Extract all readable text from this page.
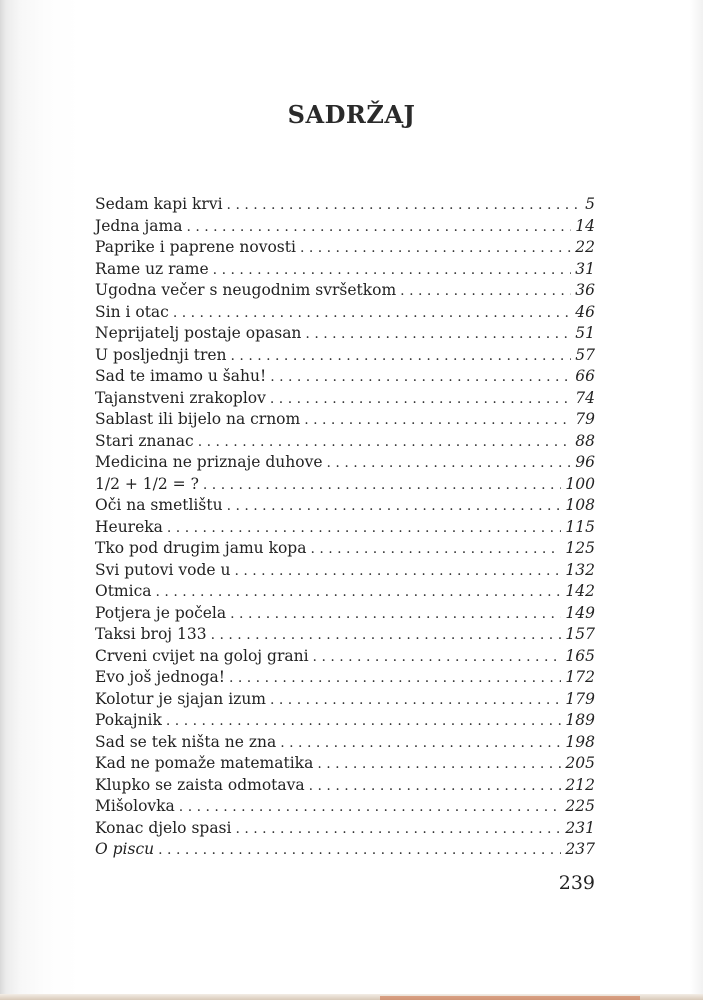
SADRŽAJ
Sedam kapi krvi . . .	5
Jedna jama . . .	14
Paprike i paprene novosti . . .	22
Rame uz rame . . .	31
Ugodna večer s neugodnim svršetkom . . .	36
Sin i otac . . .	46
Neprijatelj postaje opasan . . .	51
U posljednji tren . . .	57
Sad te imamo u šahu! . . .	66
Tajanstveni zrakoplov . . .	74
Sablast ili bijelo na crnom . . .	79
Stari znanac . . .	88
Medicina ne priznaje duhove . . .	96
1/2 + 1/2 = ? . . .	100
Oči na smetlištu . . .	108
Heureka . . .	115
Tko pod drugim jamu kopa . . .	125
Svi putovi vode u . . .	132
Otmica . . .	142
Potjera je počela . . .	149
Taksi broj 133 . . .	157
Crveni cvijet na goloj grani . . .	165
Evo još jednoga! . . .	172
Kolotur je sjajan izum . . .	179
Pokajnik . . .	189
Sad se tek ništa ne zna . . .	198
Kad ne pomaže matematika . . .	205
Klupko se zaista odmotava . . .	212
Mišolovka . . .	225
Konac djelo spasi . . .	231
O piscu . . .	237
239
